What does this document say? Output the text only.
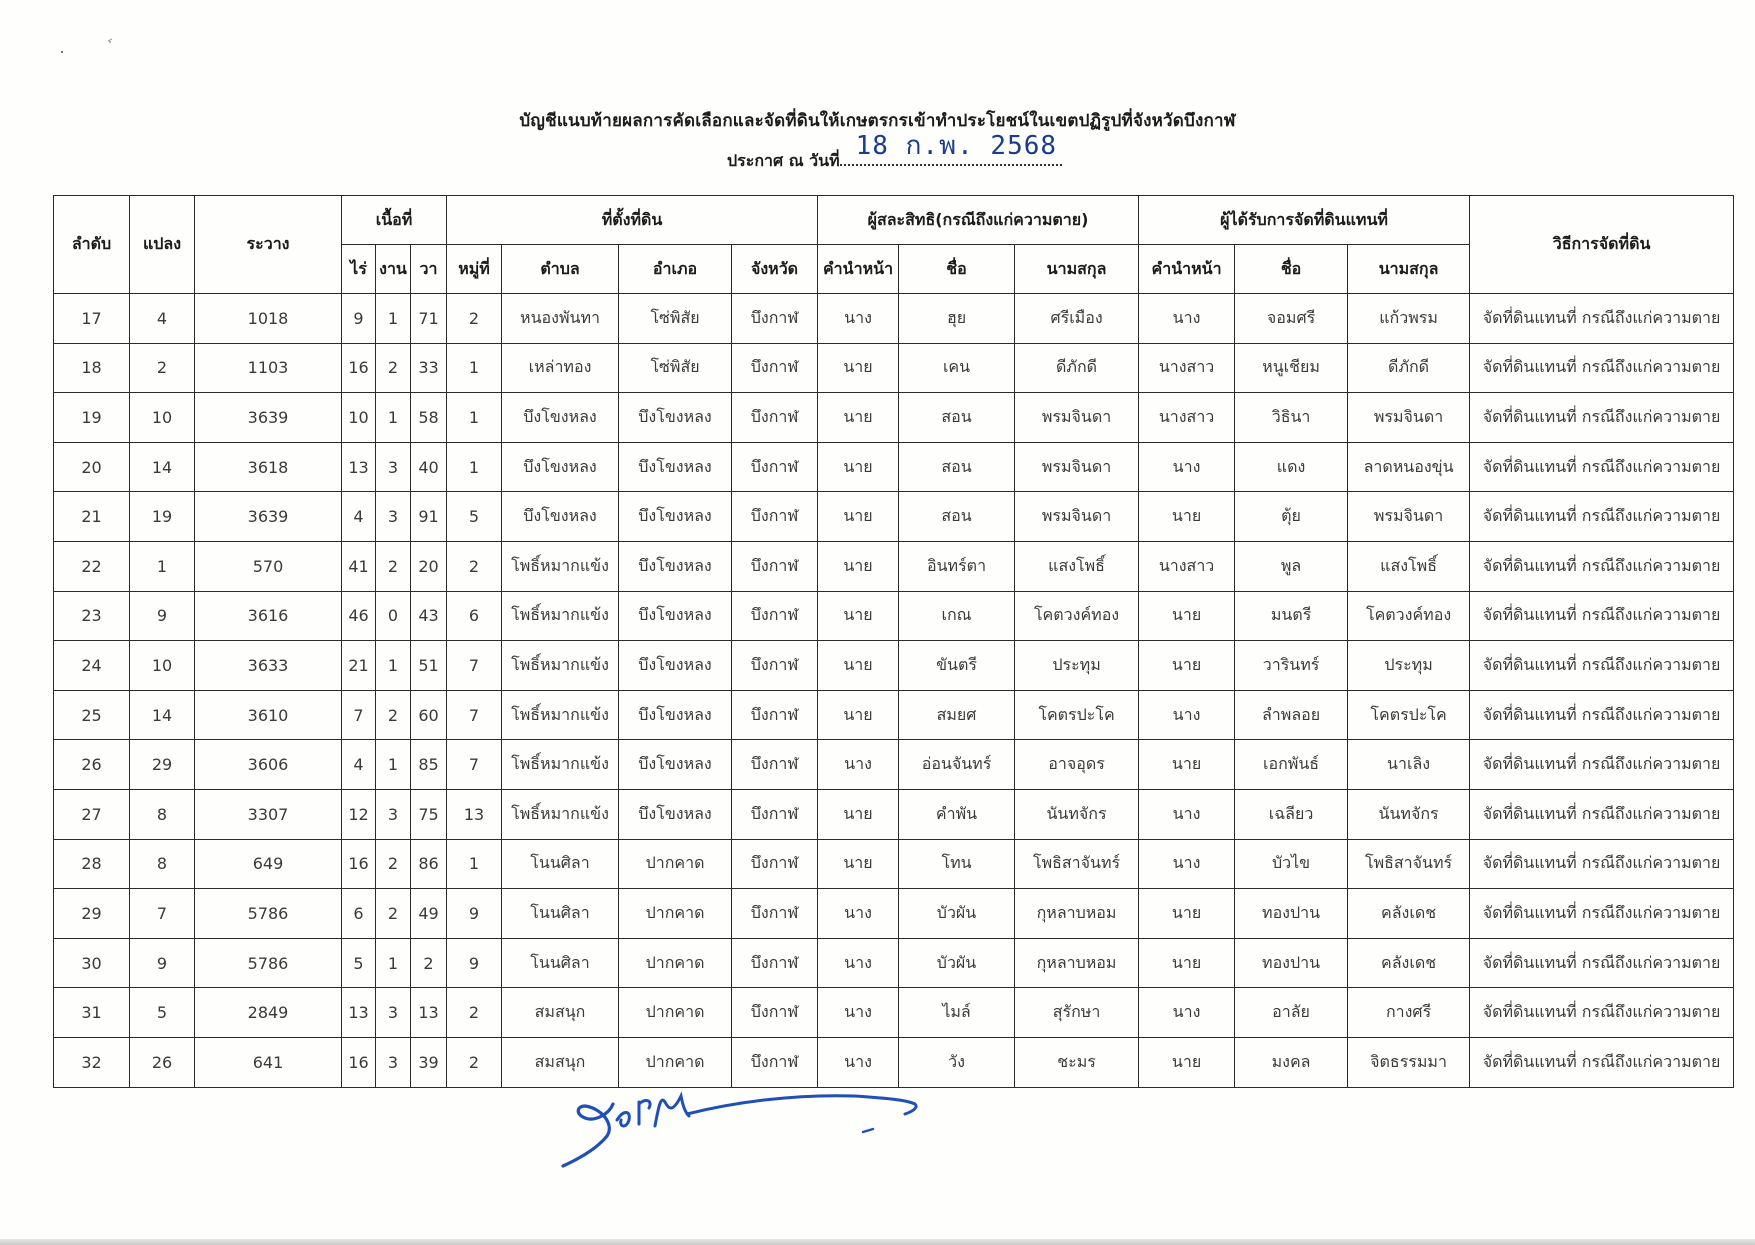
บัญชีแนบท้ายผลการคัดเลือกและจัดที่ดินให้เกษตรกรเข้าทำประโยชน์ในเขตปฏิรูปที่จังหวัดบึงกาฬ
ประกาศ ณ วันที่ 18 ก.พ. 2568
ลำดับ	แปลง	ระวาง	เนื้อที่			ที่ตั้งที่ดิน				ผู้สละสิทธิ(กรณีถึงแก่ความตาย)			ผู้ได้รับการจัดที่ดินแทนที่			วิธีการจัดที่ดิน
			ไร่	งาน	วา	หมู่ที่	ตำบล	อำเภอ	จังหวัด	คำนำหน้า	ชื่อ	นามสกุล	คำนำหน้า	ชื่อ	นามสกุล	
17	4	1018	9	1	71	2	หนองพันทา	โซ่พิสัย	บึงกาฬ	นาง	ฮุย	ศรีเมือง	นาง	จอมศรี	แก้วพรม	จัดที่ดินแทนที่ กรณีถึงแก่ความตาย
18	2	1103	16	2	33	1	เหล่าทอง	โซ่พิสัย	บึงกาฬ	นาย	เคน	ดีภักดี	นางสาว	หนูเชียม	ดีภักดี	จัดที่ดินแทนที่ กรณีถึงแก่ความตาย
19	10	3639	10	1	58	1	บึงโขงหลง	บึงโขงหลง	บึงกาฬ	นาย	สอน	พรมจินดา	นางสาว	วิธินา	พรมจินดา	จัดที่ดินแทนที่ กรณีถึงแก่ความตาย
20	14	3618	13	3	40	1	บึงโขงหลง	บึงโขงหลง	บึงกาฬ	นาย	สอน	พรมจินดา	นาง	แดง	ลาดหนองขุ่น	จัดที่ดินแทนที่ กรณีถึงแก่ความตาย
21	19	3639	4	3	91	5	บึงโขงหลง	บึงโขงหลง	บึงกาฬ	นาย	สอน	พรมจินดา	นาย	ตุ้ย	พรมจินดา	จัดที่ดินแทนที่ กรณีถึงแก่ความตาย
22	1	570	41	2	20	2	โพธิ์หมากแข้ง	บึงโขงหลง	บึงกาฬ	นาย	อินทร์ตา	แสงโพธิ์	นางสาว	พูล	แสงโพธิ์	จัดที่ดินแทนที่ กรณีถึงแก่ความตาย
23	9	3616	46	0	43	6	โพธิ์หมากแข้ง	บึงโขงหลง	บึงกาฬ	นาย	เกณ	โคตวงค์ทอง	นาย	มนตรี	โคตวงค์ทอง	จัดที่ดินแทนที่ กรณีถึงแก่ความตาย
24	10	3633	21	1	51	7	โพธิ์หมากแข้ง	บึงโขงหลง	บึงกาฬ	นาย	ขันตรี	ประทุม	นาย	วารินทร์	ประทุม	จัดที่ดินแทนที่ กรณีถึงแก่ความตาย
25	14	3610	7	2	60	7	โพธิ์หมากแข้ง	บึงโขงหลง	บึงกาฬ	นาย	สมยศ	โคตรปะโค	นาง	ลำพลอย	โคตรปะโค	จัดที่ดินแทนที่ กรณีถึงแก่ความตาย
26	29	3606	4	1	85	7	โพธิ์หมากแข้ง	บึงโขงหลง	บึงกาฬ	นาง	อ่อนจันทร์	อาจอุดร	นาย	เอกพันธ์	นาเลิง	จัดที่ดินแทนที่ กรณีถึงแก่ความตาย
27	8	3307	12	3	75	13	โพธิ์หมากแข้ง	บึงโขงหลง	บึงกาฬ	นาย	คำพัน	นันทจักร	นาง	เฉลียว	นันทจักร	จัดที่ดินแทนที่ กรณีถึงแก่ความตาย
28	8	649	16	2	86	1	โนนศิลา	ปากคาด	บึงกาฬ	นาย	โทน	โพธิสาจันทร์	นาง	บัวไข	โพธิสาจันทร์	จัดที่ดินแทนที่ กรณีถึงแก่ความตาย
29	7	5786	6	2	49	9	โนนศิลา	ปากคาด	บึงกาฬ	นาง	บัวผัน	กุหลาบหอม	นาย	ทองปาน	คลังเดช	จัดที่ดินแทนที่ กรณีถึงแก่ความตาย
30	9	5786	5	1	2	9	โนนศิลา	ปากคาด	บึงกาฬ	นาง	บัวผัน	กุหลาบหอม	นาย	ทองปาน	คลังเดช	จัดที่ดินแทนที่ กรณีถึงแก่ความตาย
31	5	2849	13	3	13	2	สมสนุก	ปากคาด	บึงกาฬ	นาง	ไมล์	สุรักษา	นาง	อาลัย	กางศรี	จัดที่ดินแทนที่ กรณีถึงแก่ความตาย
32	26	641	16	3	39	2	สมสนุก	ปากคาด	บึงกาฬ	นาง	วัง	ชะมร	นาย	มงคล	จิตธรรมมา	จัดที่ดินแทนที่ กรณีถึงแก่ความตาย
